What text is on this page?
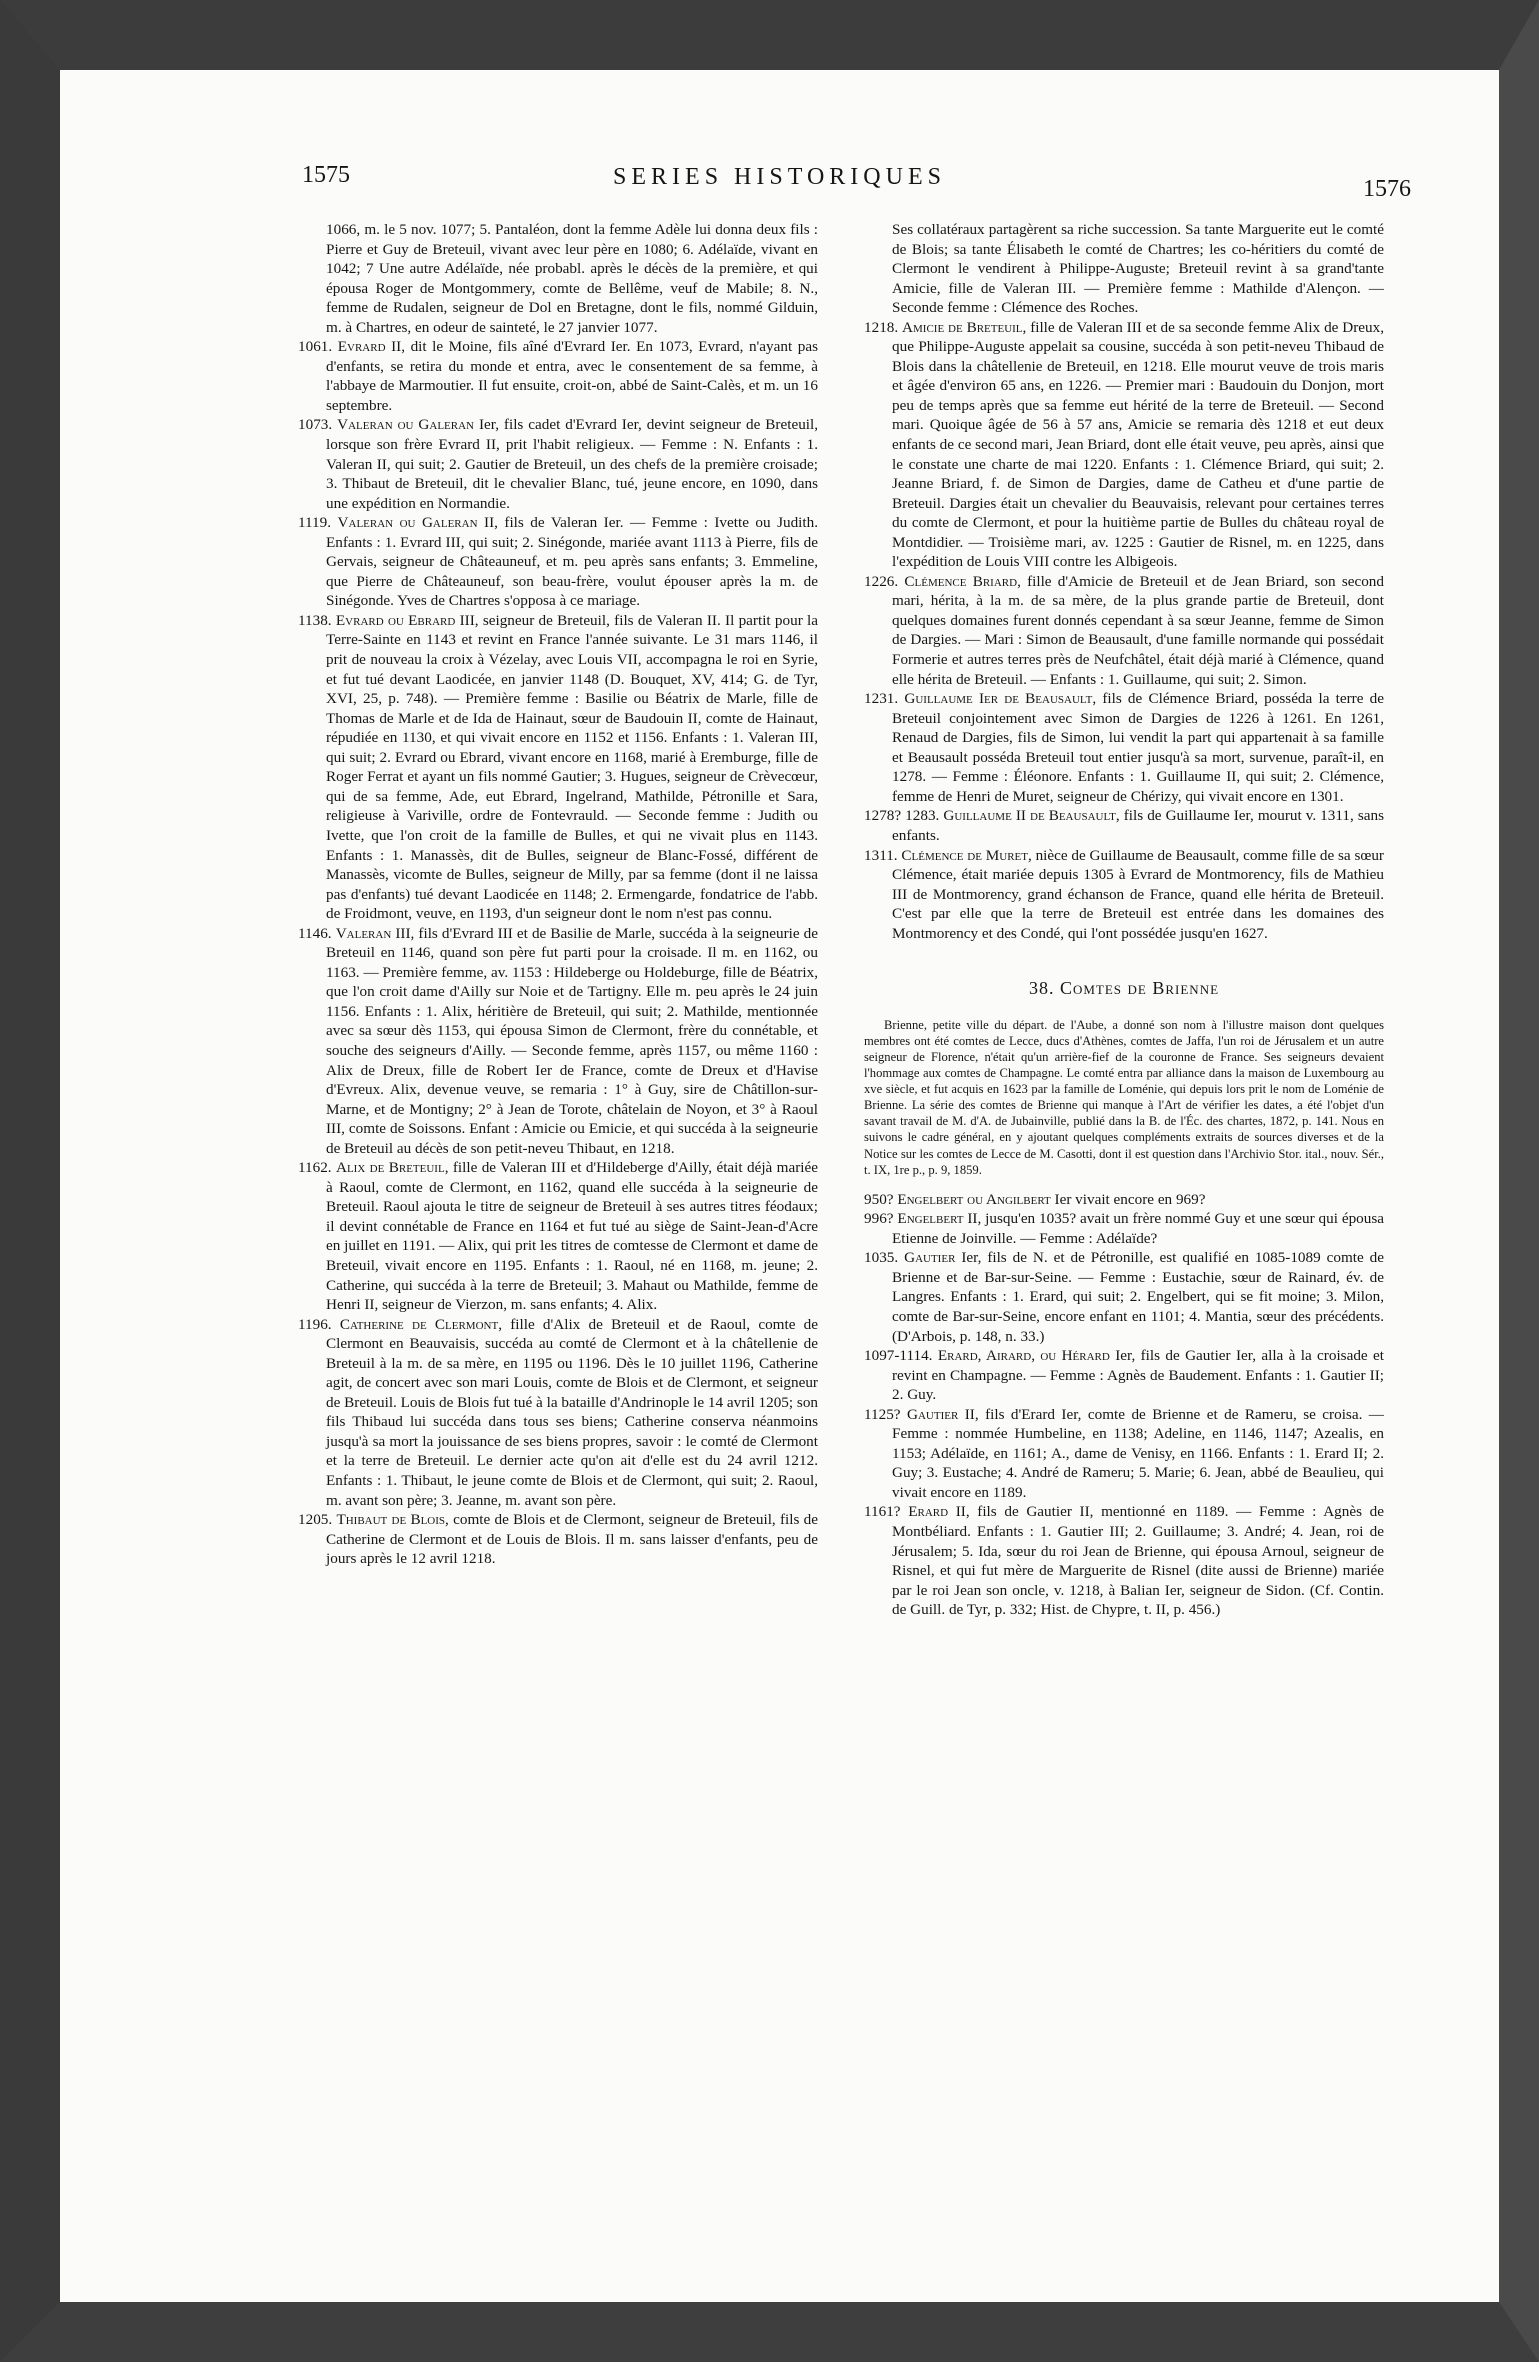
1575	SERIES HISTORIQUES	1576

1066, m. le 5 nov. 1077; 5. Pantaléon, dont la femme Adèle lui donna deux fils : Pierre et Guy de Breteuil, vivant avec leur père en 1080; 6. Adélaïde, vivant en 1042; 7 Une autre Adélaïde, née probabl. après le décès de la première, et qui épousa Roger de Montgommery, comte de Bellême, veuf de Mabile; 8. N., femme de Rudalen, seigneur de Dol en Bretagne, dont le fils, nommé Gilduin, m. à Chartres, en odeur de sainteté, le 27 janvier 1077.

1061. Evrard II, dit le Moine, fils aîné d'Evrard Ier. En 1073, Evrard, n'ayant pas d'enfants, se retira du monde et entra, avec le consentement de sa femme, à l'abbaye de Marmoutier. Il fut ensuite, croit-on, abbé de Saint-Calès, et m. un 16 septembre.

1073. Valeran ou Galeran Ier, fils cadet d'Evrard Ier, devint seigneur de Breteuil, lorsque son frère Evrard II, prit l'habit religieux. — Femme : N. Enfants : 1. Valeran II, qui suit; 2. Gautier de Breteuil, un des chefs de la première croisade; 3. Thibaut de Breteuil, dit le chevalier Blanc, tué, jeune encore, en 1090, dans une expédition en Normandie.

1119. Valeran ou Galeran II, fils de Valeran Ier. — Femme : Ivette ou Judith. Enfants : 1. Evrard III, qui suit; 2. Sinégonde, mariée avant 1113 à Pierre, fils de Gervais, seigneur de Châteauneuf, et m. peu après sans enfants; 3. Emmeline, que Pierre de Châteauneuf, son beau-frère, voulut épouser après la m. de Sinégonde. Yves de Chartres s'opposa à ce mariage.

1138. Evrard ou Ebrard III, seigneur de Breteuil, fils de Valeran II. Il partit pour la Terre-Sainte en 1143 et revint en France l'année suivante. Le 31 mars 1146, il prit de nouveau la croix à Vézelay, avec Louis VII, accompagna le roi en Syrie, et fut tué devant Laodicée, en janvier 1148 (D. Bouquet, XV, 414; G. de Tyr, XVI, 25, p. 748). — Première femme : Basilie ou Béatrix de Marle, fille de Thomas de Marle et de Ida de Hainaut, sœur de Baudouin II, comte de Hainaut, répudiée en 1130, et qui vivait encore en 1152 et 1156. Enfants : 1. Valeran III, qui suit; 2. Evrard ou Ebrard, vivant encore en 1168, marié à Eremburge, fille de Roger Ferrat et ayant un fils nommé Gautier; 3. Hugues, seigneur de Crèvecœur, qui de sa femme, Ade, eut Ebrard, Ingelrand, Mathilde, Pétronille et Sara, religieuse à Variville, ordre de Fontevrauld. — Seconde femme : Judith ou Ivette, que l'on croit de la famille de Bulles, et qui ne vivait plus en 1143. Enfants : 1. Manassès, dit de Bulles, seigneur de Blanc-Fossé, différent de Manassès, vicomte de Bulles, seigneur de Milly, par sa femme (dont il ne laissa pas d'enfants) tué devant Laodicée en 1148; 2. Ermengarde, fondatrice de l'abb. de Froidmont, veuve, en 1193, d'un seigneur dont le nom n'est pas connu.

1146. Valeran III, fils d'Evrard III et de Basilie de Marle, succéda à la seigneurie de Breteuil en 1146, quand son père fut parti pour la croisade. Il m. en 1162, ou 1163. — Première femme, av. 1153 : Hildeberge ou Holdeburge, fille de Béatrix, que l'on croit dame d'Ailly sur Noie et de Tartigny. Elle m. peu après le 24 juin 1156. Enfants : 1. Alix, héritière de Breteuil, qui suit; 2. Mathilde, mentionnée avec sa sœur dès 1153, qui épousa Simon de Clermont, frère du connétable, et souche des seigneurs d'Ailly. — Seconde femme, après 1157, ou même 1160 : Alix de Dreux, fille de Robert Ier de France, comte de Dreux et d'Havise d'Evreux. Alix, devenue veuve, se remaria : 1° à Guy, sire de Châtillon-sur-Marne, et de Montigny; 2° à Jean de Torote, châtelain de Noyon, et 3° à Raoul III, comte de Soissons. Enfant : Amicie ou Emicie, et qui succéda à la seigneurie de Breteuil au décès de son petit-neveu Thibaut, en 1218.

1162. Alix de Breteuil, fille de Valeran III et d'Hildeberge d'Ailly, était déjà mariée à Raoul, comte de Clermont, en 1162, quand elle succéda à la seigneurie de Breteuil. Raoul ajouta le titre de seigneur de Breteuil à ses autres titres féodaux; il devint connétable de France en 1164 et fut tué au siège de Saint-Jean-d'Acre en juillet en 1191. — Alix, qui prit les titres de comtesse de Clermont et dame de Breteuil, vivait encore en 1195. Enfants : 1. Raoul, né en 1168, m. jeune; 2. Catherine, qui succéda à la terre de Breteuil; 3. Mahaut ou Mathilde, femme de Henri II, seigneur de Vierzon, m. sans enfants; 4. Alix.

1196. Catherine de Clermont, fille d'Alix de Breteuil et de Raoul, comte de Clermont en Beauvaisis, succéda au comté de Clermont et à la châtellenie de Breteuil à la m. de sa mère, en 1195 ou 1196. Dès le 10 juillet 1196, Catherine agit, de concert avec son mari Louis, comte de Blois et de Clermont, et seigneur de Breteuil. Louis de Blois fut tué à la bataille d'Andrinople le 14 avril 1205; son fils Thibaud lui succéda dans tous ses biens; Catherine conserva néanmoins jusqu'à sa mort la jouissance de ses biens propres, savoir : le comté de Clermont et la terre de Breteuil. Le dernier acte qu'on ait d'elle est du 24 avril 1212. Enfants : 1. Thibaut, le jeune comte de Blois et de Clermont, qui suit; 2. Raoul, m. avant son père; 3. Jeanne, m. avant son père.

1205. Thibaut de Blois, comte de Blois et de Clermont, seigneur de Breteuil, fils de Catherine de Clermont et de Louis de Blois. Il m. sans laisser d'enfants, peu de jours après le 12 avril 1218.

Ses collatéraux partagèrent sa riche succession. Sa tante Marguerite eut le comté de Blois; sa tante Élisabeth le comté de Chartres; les co-héritiers du comté de Clermont le vendirent à Philippe-Auguste; Breteuil revint à sa grand'tante Amicie, fille de Valeran III. — Première femme : Mathilde d'Alençon. — Seconde femme : Clémence des Roches.

1218. Amicie de Breteuil, fille de Valeran III et de sa seconde femme Alix de Dreux, que Philippe-Auguste appelait sa cousine, succéda à son petit-neveu Thibaud de Blois dans la châtellenie de Breteuil, en 1218. Elle mourut veuve de trois maris et âgée d'environ 65 ans, en 1226. — Premier mari : Baudouin du Donjon, mort peu de temps après que sa femme eut hérité de la terre de Breteuil. — Second mari. Quoique âgée de 56 à 57 ans, Amicie se remaria dès 1218 et eut deux enfants de ce second mari, Jean Briard, dont elle était veuve, peu après, ainsi que le constate une charte de mai 1220. Enfants : 1. Clémence Briard, qui suit; 2. Jeanne Briard, f. de Simon de Dargies, dame de Catheu et d'une partie de Breteuil. Dargies était un chevalier du Beauvaisis, relevant pour certaines terres du comte de Clermont, et pour la huitième partie de Bulles du château royal de Montdidier. — Troisième mari, av. 1225 : Gautier de Risnel, m. en 1225, dans l'expédition de Louis VIII contre les Albigeois.

1226. Clémence Briard, fille d'Amicie de Breteuil et de Jean Briard, son second mari, hérita, à la m. de sa mère, de la plus grande partie de Breteuil, dont quelques domaines furent donnés cependant à sa sœur Jeanne, femme de Simon de Dargies. — Mari : Simon de Beausault, d'une famille normande qui possédait Formerie et autres terres près de Neufchâtel, était déjà marié à Clémence, quand elle hérita de Breteuil. — Enfants : 1. Guillaume, qui suit; 2. Simon.

1231. Guillaume Ier de Beausault, fils de Clémence Briard, posséda la terre de Breteuil conjointement avec Simon de Dargies de 1226 à 1261. En 1261, Renaud de Dargies, fils de Simon, lui vendit la part qui appartenait à sa famille et Beausault posséda Breteuil tout entier jusqu'à sa mort, survenue, paraît-il, en 1278. — Femme : Éléonore. Enfants : 1. Guillaume II, qui suit; 2. Clémence, femme de Henri de Muret, seigneur de Chérizy, qui vivait encore en 1301.

1278? 1283. Guillaume II de Beausault, fils de Guillaume Ier, mourut v. 1311, sans enfants.

1311. Clémence de Muret, nièce de Guillaume de Beausault, comme fille de sa sœur Clémence, était mariée depuis 1305 à Evrard de Montmorency, fils de Mathieu III de Montmorency, grand échanson de France, quand elle hérita de Breteuil. C'est par elle que la terre de Breteuil est entrée dans les domaines des Montmorency et des Condé, qui l'ont possédée jusqu'en 1627.

38. Comtes de Brienne

Brienne, petite ville du départ. de l'Aube, a donné son nom à l'illustre maison dont quelques membres ont été comtes de Lecce, ducs d'Athènes, comtes de Jaffa, l'un roi de Jérusalem et un autre seigneur de Florence, n'était qu'un arrière-fief de la couronne de France. Ses seigneurs devaient l'hommage aux comtes de Champagne. Le comté entra par alliance dans la maison de Luxembourg au xve siècle, et fut acquis en 1623 par la famille de Loménie, qui depuis lors prit le nom de Loménie de Brienne. La série des comtes de Brienne qui manque à l'Art de vérifier les dates, a été l'objet d'un savant travail de M. d'A. de Jubainville, publié dans la B. de l'Éc. des chartes, 1872, p. 141. Nous en suivons le cadre général, en y ajoutant quelques compléments extraits de sources diverses et de la Notice sur les comtes de Lecce de M. Casotti, dont il est question dans l'Archivio Stor. ital., nouv. Sér., t. IX, 1re p., p. 9, 1859.

950? Engelbert ou Angilbert Ier vivait encore en 969?

996? Engelbert II, jusqu'en 1035? avait un frère nommé Guy et une sœur qui épousa Etienne de Joinville. — Femme : Adélaïde?

1035. Gautier Ier, fils de N. et de Pétronille, est qualifié en 1085-1089 comte de Brienne et de Bar-sur-Seine. — Femme : Eustachie, sœur de Rainard, év. de Langres. Enfants : 1. Erard, qui suit; 2. Engelbert, qui se fit moine; 3. Milon, comte de Bar-sur-Seine, encore enfant en 1101; 4. Mantia, sœur des précédents. (D'Arbois, p. 148, n. 33.)

1097-1114. Erard, Airard, ou Hérard Ier, fils de Gautier Ier, alla à la croisade et revint en Champagne. — Femme : Agnès de Baudement. Enfants : 1. Gautier II; 2. Guy.

1125? Gautier II, fils d'Erard Ier, comte de Brienne et de Rameru, se croisa. — Femme : nommée Humbeline, en 1138; Adeline, en 1146, 1147; Azealis, en 1153; Adélaïde, en 1161; A., dame de Venisy, en 1166. Enfants : 1. Erard II; 2. Guy; 3. Eustache; 4. André de Rameru; 5. Marie; 6. Jean, abbé de Beaulieu, qui vivait encore en 1189.

1161? Erard II, fils de Gautier II, mentionné en 1189. — Femme : Agnès de Montbéliard. Enfants : 1. Gautier III; 2. Guillaume; 3. André; 4. Jean, roi de Jérusalem; 5. Ida, sœur du roi Jean de Brienne, qui épousa Arnoul, seigneur de Risnel, et qui fut mère de Marguerite de Risnel (dite aussi de Brienne) mariée par le roi Jean son oncle, v. 1218, à Balian Ier, seigneur de Sidon. (Cf. Contin. de Guill. de Tyr, p. 332; Hist. de Chypre, t. II, p. 456.)
